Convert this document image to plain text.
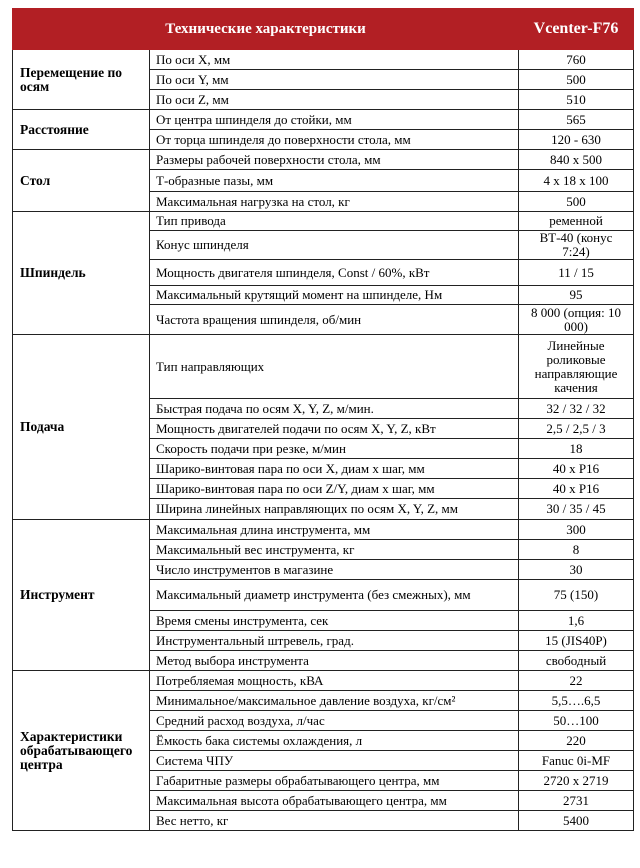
Технические характеристики		Vcenter-F76
Перемещение по осям	По оси X, мм	760
	По оси Y, мм	500
	По оси Z, мм	510
Расстояние	От центра шпинделя до стойки, мм	565
	От торца шпинделя до поверхности стола, мм	120 - 630
Стол	Размеры рабочей поверхности стола, мм	840 x 500
	Т-образные пазы, мм	4 x 18 x 100
	Максимальная нагрузка на стол, кг	500
Шпиндель	Тип привода	ременной
	Конус шпинделя	ВТ-40 (конус 7:24)
	Мощность двигателя шпинделя, Const / 60%, кВт	11 / 15
	Максимальный крутящий момент на шпинделе, Нм	95
	Частота вращения шпинделя, об/мин	8 000 (опция: 10 000)
Подача	Тип направляющих	Линейные роликовые направляющие качения
	Быстрая подача по осям X, Y, Z, м/мин.	32 / 32 / 32
	Мощность двигателей подачи по осям X, Y, Z, кВт	2,5 / 2,5 / 3
	Скорость подачи при резке, м/мин	18
	Шарико-винтовая пара по оси X, диам х шаг, мм	40 x P16
	Шарико-винтовая пара по оси Z/Y, диам х шаг, мм	40 x P16
	Ширина линейных направляющих по осям X, Y, Z, мм	30 / 35 / 45
Инструмент	Максимальная длина инструмента, мм	300
	Максимальный вес инструмента, кг	8
	Число инструментов в магазине	30
	Максимальный диаметр инструмента (без смежных), мм	75 (150)
	Время смены инструмента, сек	1,6
	Инструментальный штревель, град.	15 (JIS40P)
	Метод выбора инструмента	свободный
Характеристики обрабатывающего центра	Потребляемая мощность, кВА	22
	Минимальное/максимальное давление воздуха, кг/см²	5,5….6,5
	Средний расход воздуха, л/час	50…100
	Ёмкость бака системы охлаждения, л	220
	Система ЧПУ	Fanuc 0i-MF
	Габаритные размеры обрабатывающего центра, мм	2720 x 2719
	Максимальная высота обрабатывающего центра, мм	2731
	Вес нетто, кг	5400
